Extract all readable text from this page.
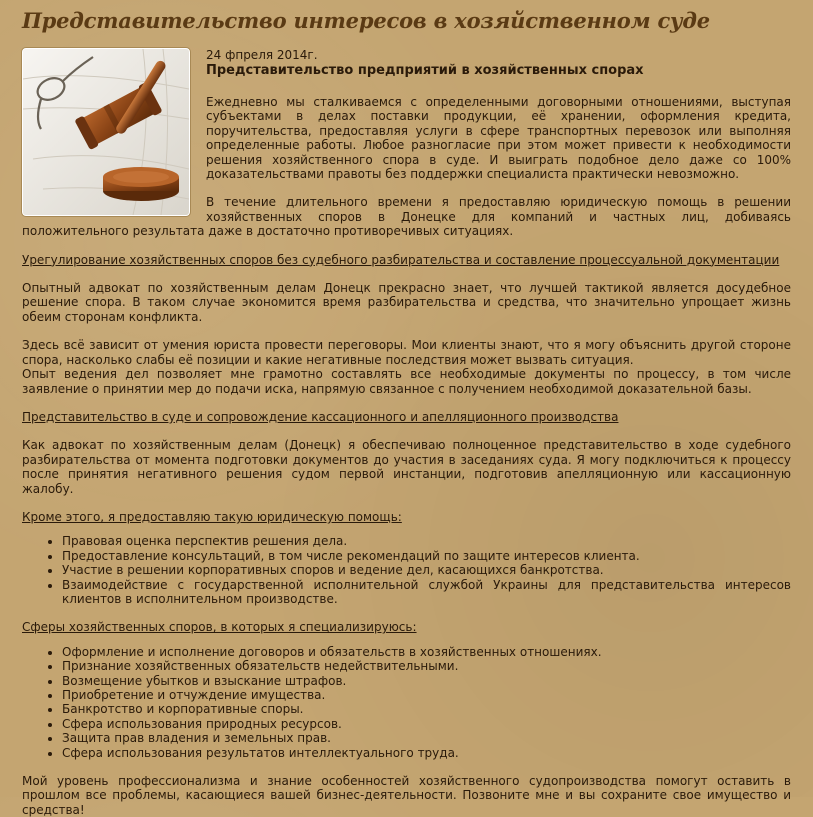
Представительство интересов в хозяйственном суде
24 фпреля 2014г.
Представительство предприятий в хозяйственных спорах

Ежедневно мы сталкиваемся с определенными договорными отношениями, выступая субъектами в делах поставки продукции, её хранении, оформления кредита, поручительства, предоставляя услуги в сфере транспортных перевозок или выполняя определенные работы. Любое разногласие при этом может привести к необходимости решения хозяйственного спора в суде. И выиграть подобное дело даже со 100% доказательствами правоты без поддержки специалиста практически невозможно.

В течение длительного времени я предоставляю юридическую помощь в решении хозяйственных споров в Донецке для компаний и частных лиц, добиваясь положительного результата даже в достаточно противоречивых ситуациях.

Урегулирование хозяйственных споров без судебного разбирательства и составление процессуальной документации

Опытный адвокат по хозяйственным делам Донецк прекрасно знает, что лучшей тактикой является досудебное решение спора. В таком случае экономится время разбирательства и средства, что значительно упрощает жизнь обеим сторонам конфликта.

Здесь всё зависит от умения юриста провести переговоры. Мои клиенты знают, что я могу объяснить другой стороне спора, насколько слабы её позиции и какие негативные последствия может вызвать ситуация.

Опыт ведения дел позволяет мне грамотно составлять все необходимые документы по процессу, в том числе заявление о принятии мер до подачи иска, напрямую связанное с получением необходимой доказательной базы.

Представительство в суде и сопровождение кассационного и апелляционного производства

Как адвокат по хозяйственным делам (Донецк) я обеспечиваю полноценное представительство в ходе судебного разбирательства от момента подготовки документов до участия в заседаниях суда. Я могу подключиться к процессу после принятия негативного решения судом первой инстанции, подготовив апелляционную или кассационную жалобу.

Кроме этого, я предоставляю такую юридическую помощь:
• Правовая оценка перспектив решения дела.
• Предоставление консультаций, в том числе рекомендаций по защите интересов клиента.
• Участие в решении корпоративных споров и ведение дел, касающихся банкротства.
• Взаимодействие с государственной исполнительной службой Украины для представительства интересов клиентов в исполнительном производстве.
Сферы хозяйственных споров, в которых я специализируюсь:
• Оформление и исполнение договоров и обязательств в хозяйственных отношениях.
• Признание хозяйственных обязательств недействительными.
• Возмещение убытков и взыскание штрафов.
• Приобретение и отчуждение имущества.
• Банкротство и корпоративные споры.
• Сфера использования природных ресурсов.
• Защита прав владения и земельных прав.
• Сфера использования результатов интеллектуального труда.

Мой уровень профессионализма и знание особенностей хозяйственного судопроизводства помогут оставить в прошлом все проблемы, касающиеся вашей бизнес-деятельности. Позвоните мне и вы сохраните свое имущество и средства!
